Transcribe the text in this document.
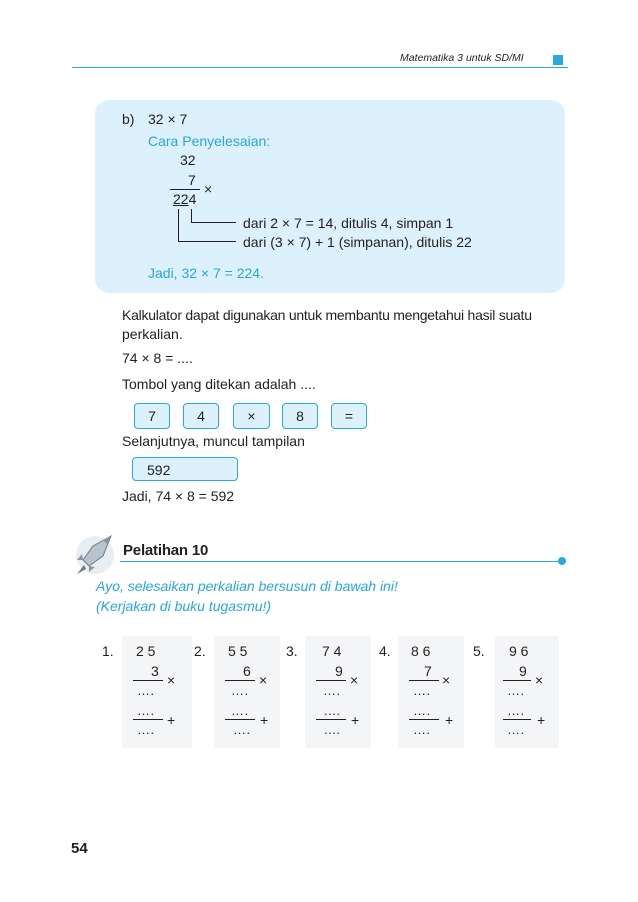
Matematika 3 untuk SD/MI
b) 32 × 7
Cara Penyelesaian:
32
7
×
224
dari 2 × 7 = 14, ditulis 4, simpan 1
dari (3 × 7) + 1 (simpanan), ditulis 22
Jadi, 32 × 7 = 224.
Kalkulator dapat digunakan untuk membantu mengetahui hasil suatu
perkalian.
74 × 8 = ....
Tombol yang ditekan adalah ....
7	4	×	8	=
Selanjutnya, muncul tampilan
592
Jadi, 74 × 8 = 592
Pelatihan 10
Ayo, selesaikan perkalian bersusun di bawah ini!
(Kerjakan di buku tugasmu!)
1. 2 5
3
×
….
….
+
….
2. 5 5
6
×
….
….
+
….
3. 7 4
9
×
….
....
+
....
4. 8 6
7
×
….
….
+
….
5. 9 6
9
×
….
….
+
….
54
